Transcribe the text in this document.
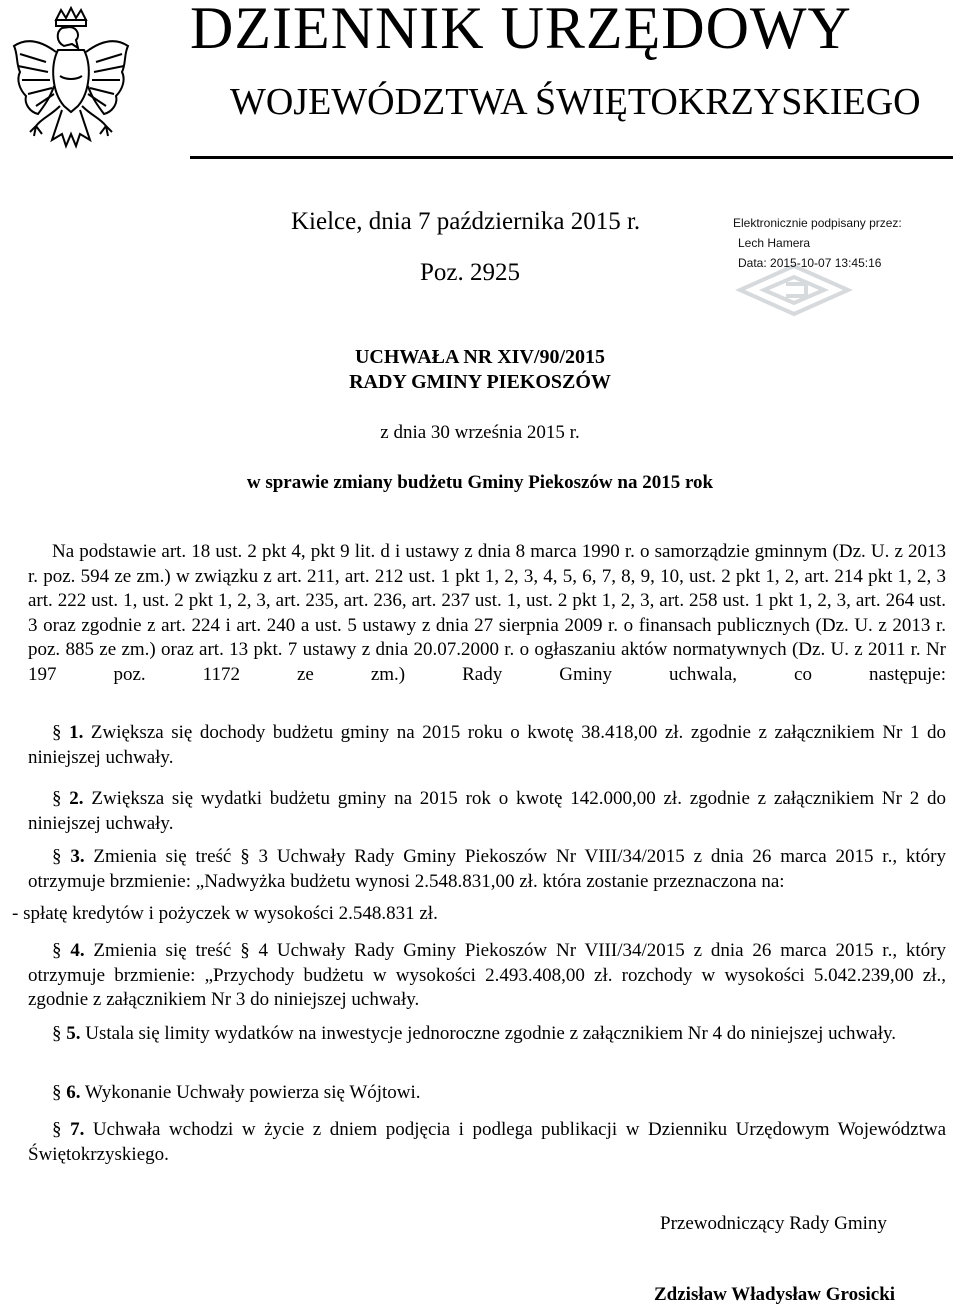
DZIENNIK URZĘDOWY
WOJEWÓDZTWA ŚWIĘTOKRZYSKIEGO
Kielce, dnia 7 października 2015 r.
Poz. 2925
Elektronicznie podpisany przez:
Lech Hamera
Data: 2015-10-07 13:45:16
UCHWAŁA NR XIV/90/2015
RADY GMINY PIEKOSZÓW
z dnia 30 września 2015 r.
w sprawie zmiany budżetu Gminy Piekoszów na 2015 rok
Na podstawie art. 18 ust. 2 pkt 4, pkt 9 lit. d i ustawy z dnia 8 marca 1990 r. o samorządzie gminnym (Dz. U. z 2013 r. poz. 594 ze zm.) w związku z art. 211, art. 212 ust. 1 pkt 1, 2, 3, 4, 5, 6, 7, 8, 9, 10, ust. 2 pkt 1, 2, art. 214 pkt 1, 2, 3 art. 222 ust. 1, ust. 2 pkt 1, 2, 3, art. 235, art. 236, art. 237 ust. 1, ust. 2 pkt 1, 2, 3, art. 258 ust. 1 pkt 1, 2, 3, art. 264 ust. 3 oraz zgodnie z art. 224 i art. 240 a ust. 5 ustawy z dnia 27 sierpnia 2009 r. o finansach publicznych (Dz. U. z 2013 r. poz. 885 ze zm.) oraz art. 13 pkt. 7 ustawy z dnia 20.07.2000 r. o ogłaszaniu aktów normatywnych (Dz. U. z 2011 r. Nr 197 poz. 1172 ze zm.) Rady Gminy uchwala, co następuje:
§ 1. Zwiększa się dochody budżetu gminy na 2015 roku o kwotę 38.418,00 zł. zgodnie z załącznikiem Nr 1 do niniejszej uchwały.
§ 2. Zwiększa się wydatki budżetu gminy na 2015 rok o kwotę 142.000,00 zł. zgodnie z załącznikiem Nr 2 do niniejszej uchwały.
§ 3. Zmienia się treść § 3 Uchwały Rady Gminy Piekoszów Nr VIII/34/2015 z dnia 26 marca 2015 r., który otrzymuje brzmienie: „Nadwyżka budżetu wynosi 2.548.831,00 zł. która zostanie przeznaczona na:
- spłatę kredytów i pożyczek w wysokości 2.548.831 zł.
§ 4. Zmienia się treść § 4 Uchwały Rady Gminy Piekoszów Nr VIII/34/2015 z dnia 26 marca 2015 r., który otrzymuje brzmienie: „Przychody budżetu w wysokości 2.493.408,00 zł. rozchody w wysokości 5.042.239,00 zł., zgodnie z załącznikiem Nr 3 do niniejszej uchwały.
§ 5. Ustala się limity wydatków na inwestycje jednoroczne zgodnie z załącznikiem Nr 4 do niniejszej uchwały.
§ 6. Wykonanie Uchwały powierza się Wójtowi.
§ 7. Uchwała wchodzi w życie z dniem podjęcia i podlega publikacji w Dzienniku Urzędowym Województwa Świętokrzyskiego.
Przewodniczący Rady Gminy
Zdzisław Władysław Grosicki
